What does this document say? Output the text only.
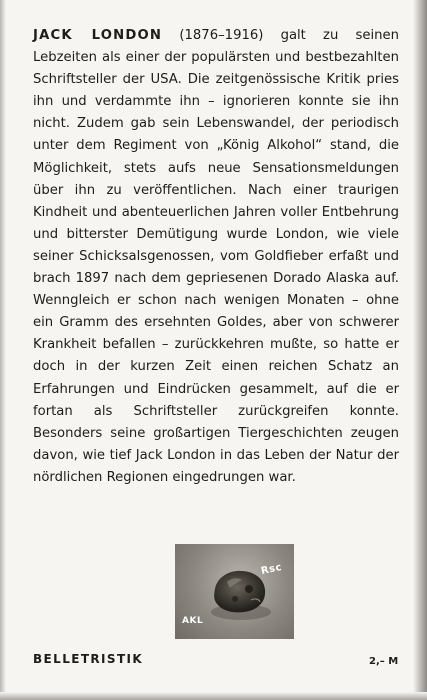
JACK LONDON (1876–1916) galt zu seinen Lebzeiten als einer der populärsten und bestbezahlten Schriftsteller der USA. Die zeitgenössische Kritik pries ihn und verdammte ihn – ignorieren konnte sie ihn nicht. Zudem gab sein Lebenswandel, der periodisch unter dem Regiment von „König Alkohol“ stand, die Möglichkeit, stets aufs neue Sensationsmeldungen über ihn zu veröffentlichen. Nach einer traurigen Kindheit und abenteuerlichen Jahren voller Entbehrung und bitterster Demütigung wurde London, wie viele seiner Schicksalsgenossen, vom Goldfieber erfaßt und brach 1897 nach dem gepriesenen Dorado Alaska auf. Wenngleich er schon nach wenigen Monaten – ohne ein Gramm des ersehnten Goldes, aber von schwerer Krankheit befallen – zurückkehren mußte, so hatte er doch in der kurzen Zeit einen reichen Schatz an Erfahrungen und Eindrücken gesammelt, auf die er fortan als Schriftsteller zurückgreifen konnte. Besonders seine großartigen Tiergeschichten zeugen davon, wie tief Jack London in das Leben der Natur der nördlichen Regionen eingedrungen war.

Rsc
AKL
BELLETRISTIK	2,– M
